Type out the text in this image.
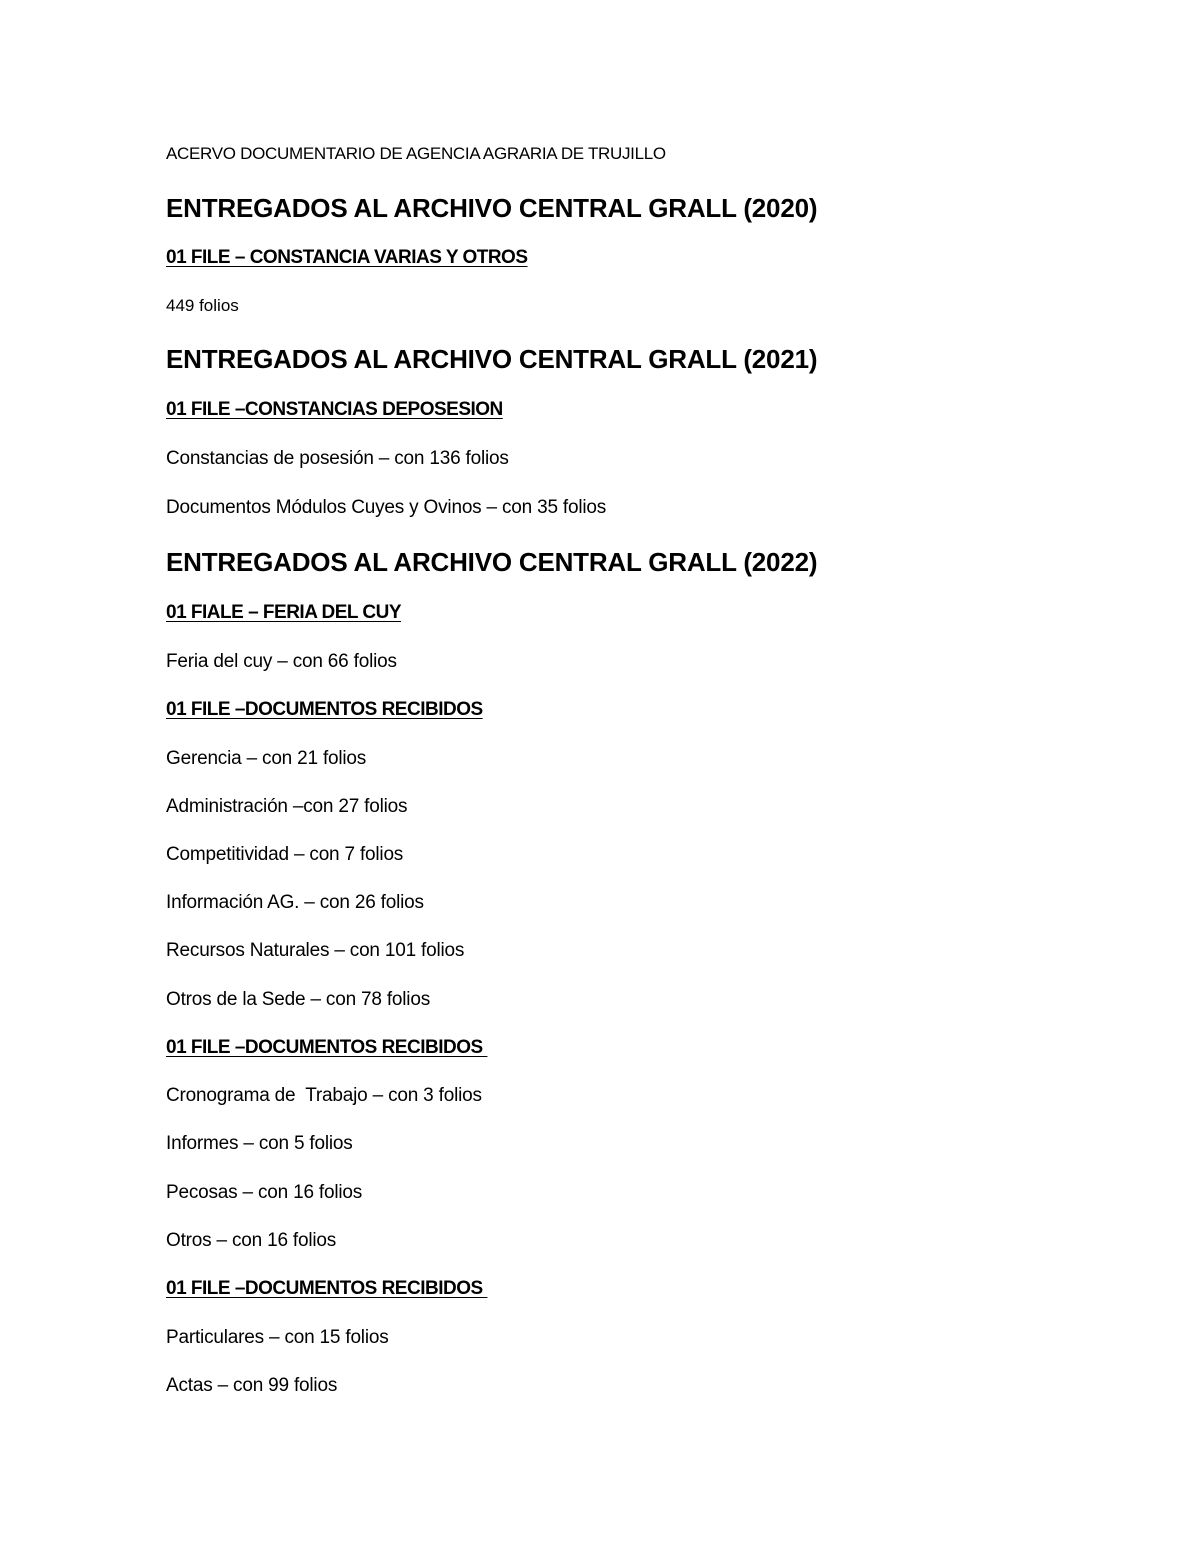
ACERVO DOCUMENTARIO DE AGENCIA AGRARIA DE TRUJILLO
ENTREGADOS AL ARCHIVO CENTRAL GRALL (2020)
01 FILE – CONSTANCIA VARIAS Y OTROS
449 folios
ENTREGADOS AL ARCHIVO CENTRAL GRALL (2021)
01 FILE –CONSTANCIAS DEPOSESION
Constancias de posesión – con 136 folios
Documentos Módulos Cuyes y Ovinos – con 35 folios
ENTREGADOS AL ARCHIVO CENTRAL GRALL (2022)
01 FIALE – FERIA DEL CUY
Feria del cuy – con 66 folios
01 FILE –DOCUMENTOS RECIBIDOS
Gerencia – con 21 folios
Administración –con 27 folios
Competitividad – con 7 folios
Información AG. – con 26 folios
Recursos Naturales – con 101 folios
Otros de la Sede – con 78 folios
01 FILE –DOCUMENTOS RECIBIDOS
Cronograma de  Trabajo – con 3 folios
Informes – con 5 folios
Pecosas – con 16 folios
Otros – con 16 folios
01 FILE –DOCUMENTOS RECIBIDOS
Particulares – con 15 folios
Actas – con 99 folios
